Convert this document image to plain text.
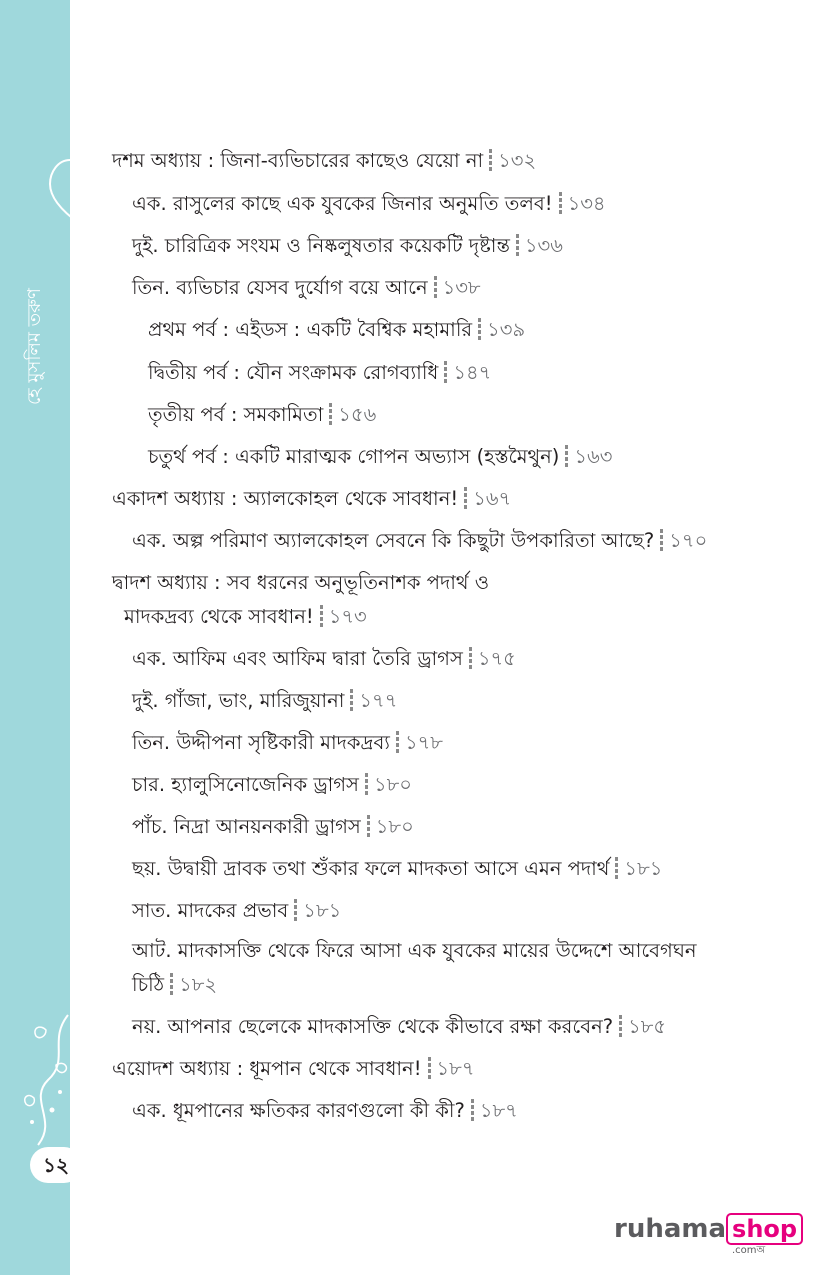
হে মুসলিম তরুণ
১২
দশম অধ্যায় : জিনা-ব্যভিচারের কাছেও যেয়ো না ১৩২
এক. রাসুলের কাছে এক যুবকের জিনার অনুমতি তলব! ১৩৪
দুই. চারিত্রিক সংযম ও নিষ্কলুষতার কয়েকটি দৃষ্টান্ত ১৩৬
তিন. ব্যভিচার যেসব দুর্যোগ বয়ে আনে ১৩৮
প্রথম পর্ব : এইডস : একটি বৈশ্বিক মহামারি ১৩৯
দ্বিতীয় পর্ব : যৌন সংক্রামক রোগব্যাধি ১৪৭
তৃতীয় পর্ব : সমকামিতা ১৫৬
চতুর্থ পর্ব : একটি মারাত্মক গোপন অভ্যাস (হস্তমৈথুন) ১৬৩
একাদশ অধ্যায় : অ্যালকোহল থেকে সাবধান! ১৬৭
এক. অল্প পরিমাণ অ্যালকোহল সেবনে কি কিছুটা উপকারিতা আছে? ১৭০
দ্বাদশ অধ্যায় : সব ধরনের অনুভূতিনাশক পদার্থ ও
মাদকদ্রব্য থেকে সাবধান! ১৭৩
এক. আফিম এবং আফিম দ্বারা তৈরি ড্রাগস ১৭৫
দুই. গাঁজা, ভাং, মারিজুয়ানা ১৭৭
তিন. উদ্দীপনা সৃষ্টিকারী মাদকদ্রব্য ১৭৮
চার. হ্যালুসিনোজেনিক ড্রাগস ১৮০
পাঁচ. নিদ্রা আনয়নকারী ড্রাগস ১৮০
ছয়. উদ্বায়ী দ্রাবক তথা শুঁকার ফলে মাদকতা আসে এমন পদার্থ ১৮১
সাত. মাদকের প্রভাব ১৮১
আট. মাদকাসক্তি থেকে ফিরে আসা এক যুবকের মায়ের উদ্দেশে আবেগঘন
চিঠি ১৮২
নয়. আপনার ছেলেকে মাদকাসক্তি থেকে কীভাবে রক্ষা করবেন? ১৮৫
এয়োদশ অধ্যায় : ধূমপান থেকে সাবধান! ১৮৭
এক. ধূমপানের ক্ষতিকর কারণগুলো কী কী? ১৮৭
ruhama shop
.comঅ
